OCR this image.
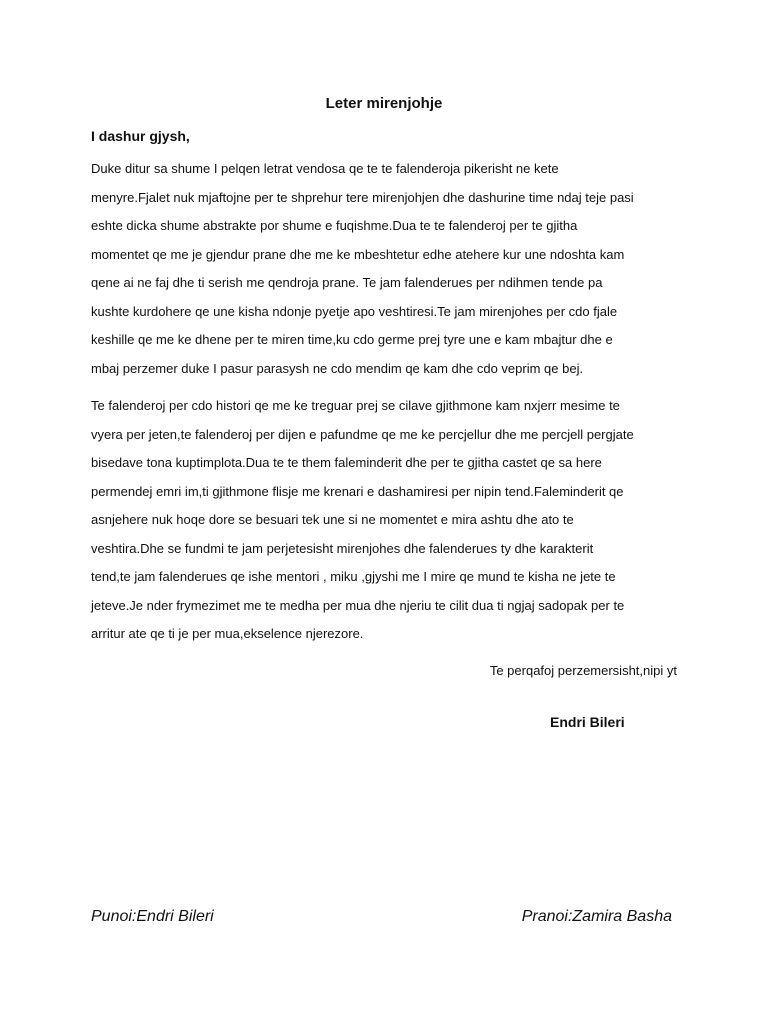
Leter mirenjohje
I dashur gjysh,

Duke ditur sa shume I pelqen letrat vendosa qe te te falenderoja pikerisht ne kete
menyre.Fjalet nuk mjaftojne per te shprehur tere mirenjohjen dhe dashurine time ndaj teje pasi
eshte dicka shume abstrakte por shume e fuqishme.Dua te te falenderoj per te gjitha
momentet qe me je gjendur prane dhe me ke mbeshtetur edhe atehere kur une ndoshta kam
qene ai ne faj dhe ti serish me qendroja prane. Te jam falenderues per ndihmen tende pa
kushte kurdohere qe une kisha ndonje pyetje apo veshtiresi.Te jam mirenjohes per cdo fjale
keshille qe me ke dhene per te miren time,ku cdo germe prej tyre une e kam mbajtur dhe e
mbaj perzemer duke I pasur parasysh ne cdo mendim qe kam dhe cdo veprim qe bej.

Te falenderoj per cdo histori qe me ke treguar prej se cilave gjithmone kam nxjerr mesime te
vyera per jeten,te falenderoj per dijen e pafundme qe me ke percjellur dhe me percjell pergjate
bisedave tona kuptimplota.Dua te te them faleminderit dhe per te gjitha castet qe sa here
permendej emri im,ti gjithmone flisje me krenari e dashamiresi per nipin tend.Faleminderit qe
asnjehere nuk hoqe dore se besuari tek une si ne momentet e mira ashtu dhe ato te
veshtira.Dhe se fundmi te jam perjetesisht mirenjohes dhe falenderues ty dhe karakterit
tend,te jam falenderues qe ishe mentori , miku ,gjyshi me I mire qe mund te kisha ne jete te
jeteve.Je nder frymezimet me te medha per mua dhe njeriu te cilit dua ti ngjaj sadopak per te
arritur ate qe ti je per mua,ekselence njerezore.

Te perqafoj perzemersisht,nipi yt
Endri Bileri
Punoi:Endri Bileri	Pranoi:Zamira Basha
